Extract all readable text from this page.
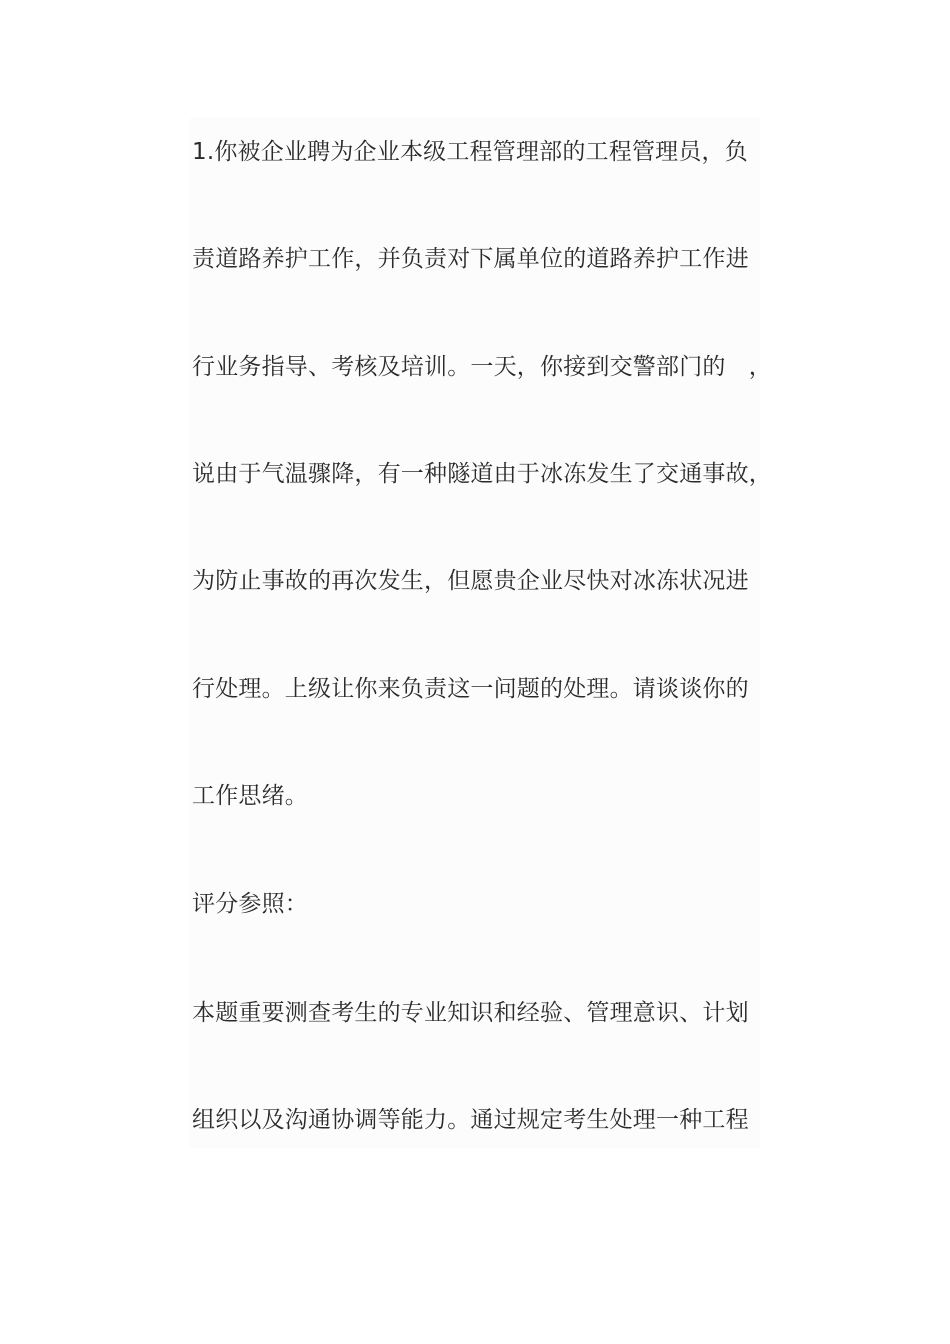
1.你被企业聘为企业本级工程管理部的工程管理员，负
责道路养护工作，并负责对下属单位的道路养护工作进
行业务指导、考核及培训。一天，你接到交警部门的　，
说由于气温骤降，有一种隧道由于冰冻发生了交通事故，
为防止事故的再次发生，但愿贵企业尽快对冰冻状况进
行处理。上级让你来负责这一问题的处理。请谈谈你的
工作思绪。
评分参照：
本题重要测查考生的专业知识和经验、管理意识、计划
组织以及沟通协调等能力。通过规定考生处理一种工程
